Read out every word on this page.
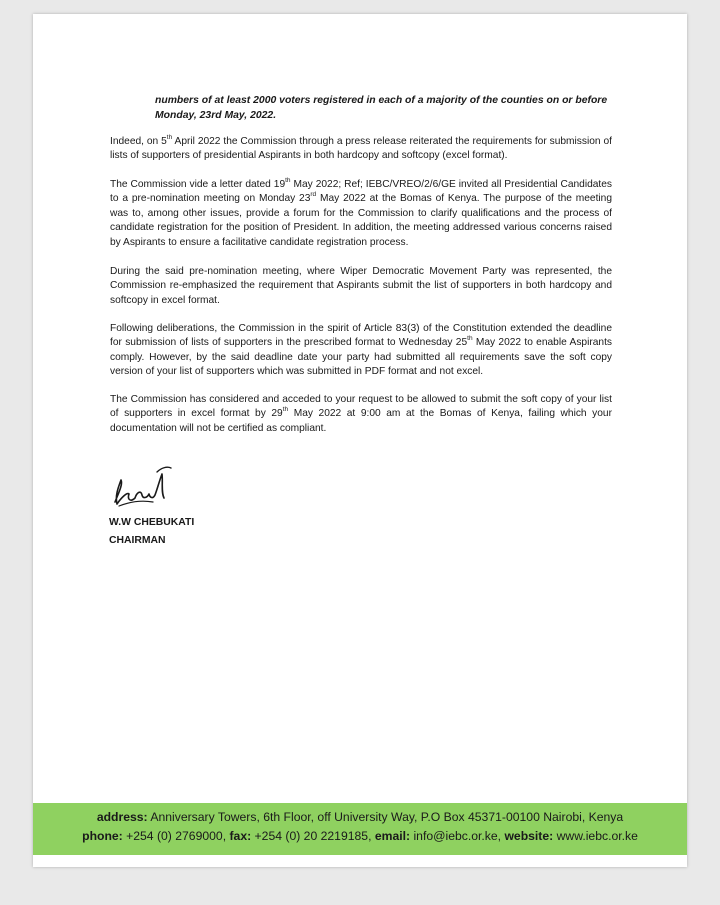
numbers of at least 2000 voters registered in each of a majority of the counties on or before Monday, 23rd May, 2022.
Indeed, on 5th April 2022 the Commission through a press release reiterated the requirements for submission of lists of supporters of presidential Aspirants in both hardcopy and softcopy (excel format).
The Commission vide a letter dated 19th May 2022; Ref; IEBC/VREO/2/6/GE invited all Presidential Candidates to a pre-nomination meeting on Monday 23rd May 2022 at the Bomas of Kenya. The purpose of the meeting was to, among other issues, provide a forum for the Commission to clarify qualifications and the process of candidate registration for the position of President. In addition, the meeting addressed various concerns raised by Aspirants to ensure a facilitative candidate registration process.
During the said pre-nomination meeting, where Wiper Democratic Movement Party was represented, the Commission re-emphasized the requirement that Aspirants submit the list of supporters in both hardcopy and softcopy in excel format.
Following deliberations, the Commission in the spirit of Article 83(3) of the Constitution extended the deadline for submission of lists of supporters in the prescribed format to Wednesday 25th May 2022 to enable Aspirants comply. However, by the said deadline date your party had submitted all requirements save the soft copy version of your list of supporters which was submitted in PDF format and not excel.
The Commission has considered and acceded to your request to be allowed to submit the soft copy of your list of supporters in excel format by 29th May 2022 at 9:00 am at the Bomas of Kenya, failing which your documentation will not be certified as compliant.
W.W CHEBUKATI
CHAIRMAN
address: Anniversary Towers, 6th Floor, off University Way, P.O Box 45371-00100 Nairobi, Kenya
phone: +254 (0) 2769000, fax: +254 (0) 20 2219185, email: info@iebc.or.ke, website: www.iebc.or.ke
